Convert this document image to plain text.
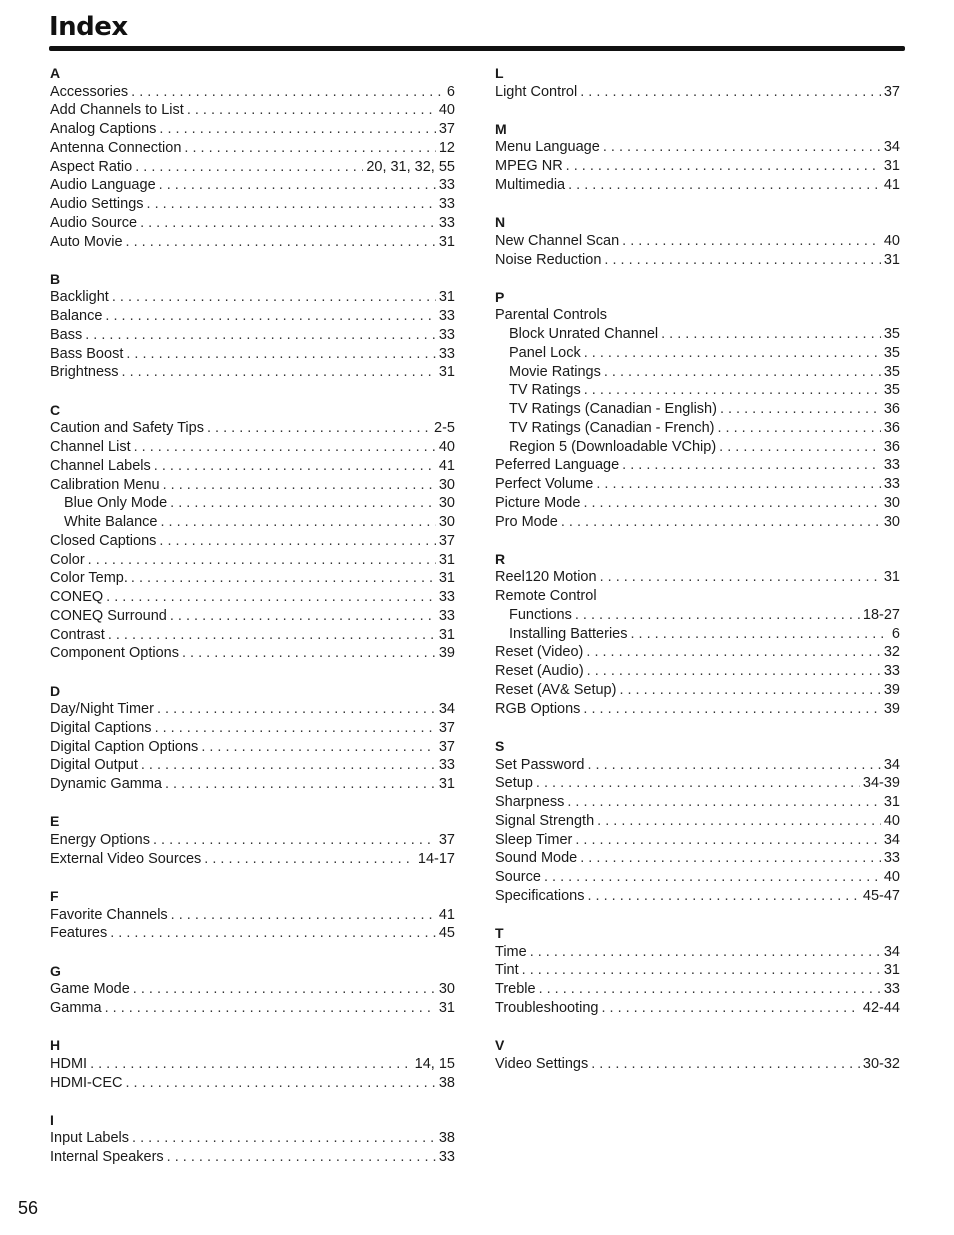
Index
A
Accessories . . .	6
Add Channels to List . . .	40
Analog Captions . . .	37
Antenna Connection . . .	12
Aspect Ratio . . .	20, 31, 32, 55
Audio Language . . .	33
Audio Settings . . .	33
Audio Source . . .	33
Auto Movie . . .	31
B
Backlight . . .	31
Balance . . .	33
Bass . . .	33
Bass Boost . . .	33
Brightness . . .	31
C
Caution and Safety Tips . . .	2-5
Channel List . . .	40
Channel Labels . . .	41
Calibration Menu . . .	30
Blue Only Mode . . .	30
White Balance . . .	30
Closed Captions . . .	37
Color . . .	31
Color Temp. . . .	31
CONEQ . . .	33
CONEQ Surround . . .	33
Contrast . . .	31
Component Options . . .	39
D
Day/Night Timer . . .	34
Digital Captions . . .	37
Digital Caption Options . . .	37
Digital Output . . .	33
Dynamic Gamma . . .	31
E
Energy Options . . .	37
External Video Sources . . .	14-17
F
Favorite Channels . . .	41
Features . . .	45
G
Game Mode . . .	30
Gamma . . .	31
H
HDMI . . .	14, 15
HDMI-CEC . . .	38
I
Input Labels . . .	38
Internal Speakers . . .	33
L
Light Control . . .	37
M
Menu Language . . .	34
MPEG NR . . .	31
Multimedia . . .	41
N
New Channel Scan . . .	40
Noise Reduction . . .	31
P
Parental Controls
Block Unrated Channel . . .	35
Panel Lock . . .	35
Movie Ratings . . .	35
TV Ratings . . .	35
TV Ratings (Canadian - English) . . .	36
TV Ratings (Canadian - French) . . .	36
Region 5 (Downloadable VChip) . . .	36
Peferred Language . . .	33
Perfect Volume . . .	33
Picture Mode . . .	30
Pro Mode . . .	30
R
Reel120 Motion . . .	31
Remote Control
Functions . . .	18-27
Installing Batteries . . .	6
Reset (Video) . . .	32
Reset (Audio) . . .	33
Reset (AV& Setup) . . .	39
RGB Options . . .	39
S
Set Password . . .	34
Setup . . .	34-39
Sharpness . . .	31
Signal Strength . . .	40
Sleep Timer . . .	34
Sound Mode . . .	33
Source . . .	40
Specifications . . .	45-47
T
Time . . .	34
Tint . . .	31
Treble . . .	33
Troubleshooting . . .	42-44
V
Video Settings . . .	30-32
56
